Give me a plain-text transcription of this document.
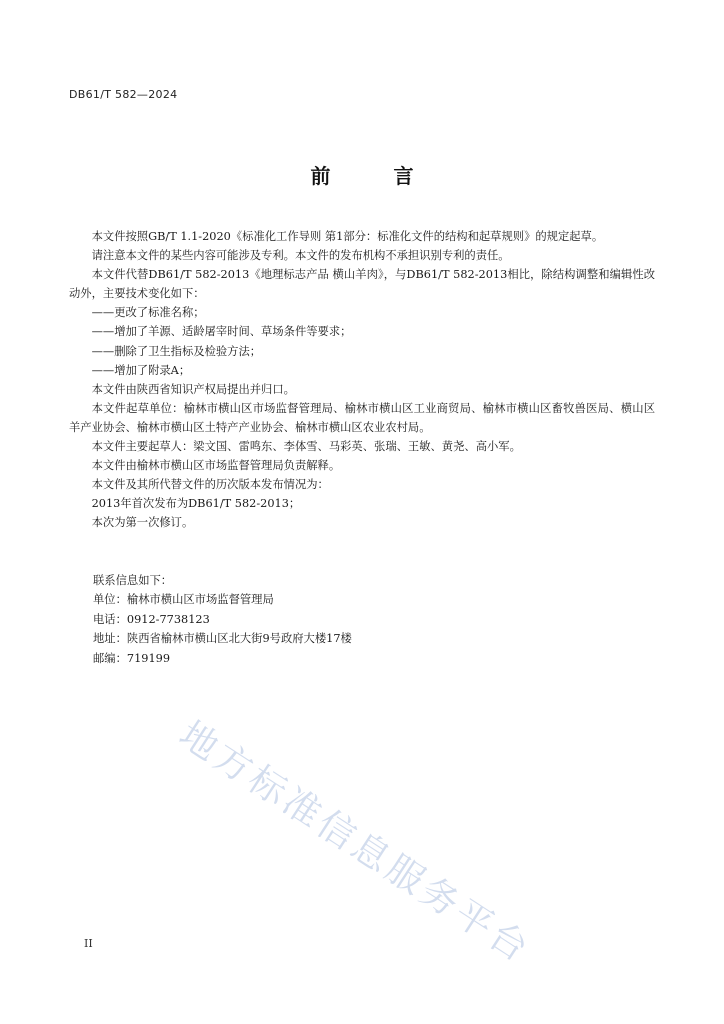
DB61/T 582—2024
前 言

本文件按照GB/T 1.1-2020《标准化工作导则 第1部分：标准化文件的结构和起草规则》的规定起草。

请注意本文件的某些内容可能涉及专利。本文件的发布机构不承担识别专利的责任。

本文件代替DB61/T 582-2013《地理标志产品 横山羊肉》，与DB61/T 582-2013相比，除结构调整和编辑性改动外，主要技术变化如下：

——更改了标准名称；

——增加了羊源、适龄屠宰时间、草场条件等要求；

——删除了卫生指标及检验方法；

——增加了附录A；

本文件由陕西省知识产权局提出并归口。

本文件起草单位：榆林市横山区市场监督管理局、榆林市横山区工业商贸局、榆林市横山区畜牧兽医局、横山区羊产业协会、榆林市横山区土特产产业协会、榆林市横山区农业农村局。

本文件主要起草人：梁文国、雷鸣东、李体雪、马彩英、张瑞、王敏、黄尧、高小军。

本文件由榆林市横山区市场监督管理局负责解释。

本文件及其所代替文件的历次版本发布情况为：

2013年首次发布为DB61/T 582-2013；

本次为第一次修订。

联系信息如下：
单位：榆林市横山区市场监督管理局
电话：0912-7738123
地址：陕西省榆林市横山区北大街9号政府大楼17楼
邮编：719199
地方标准信息服务平台
II
